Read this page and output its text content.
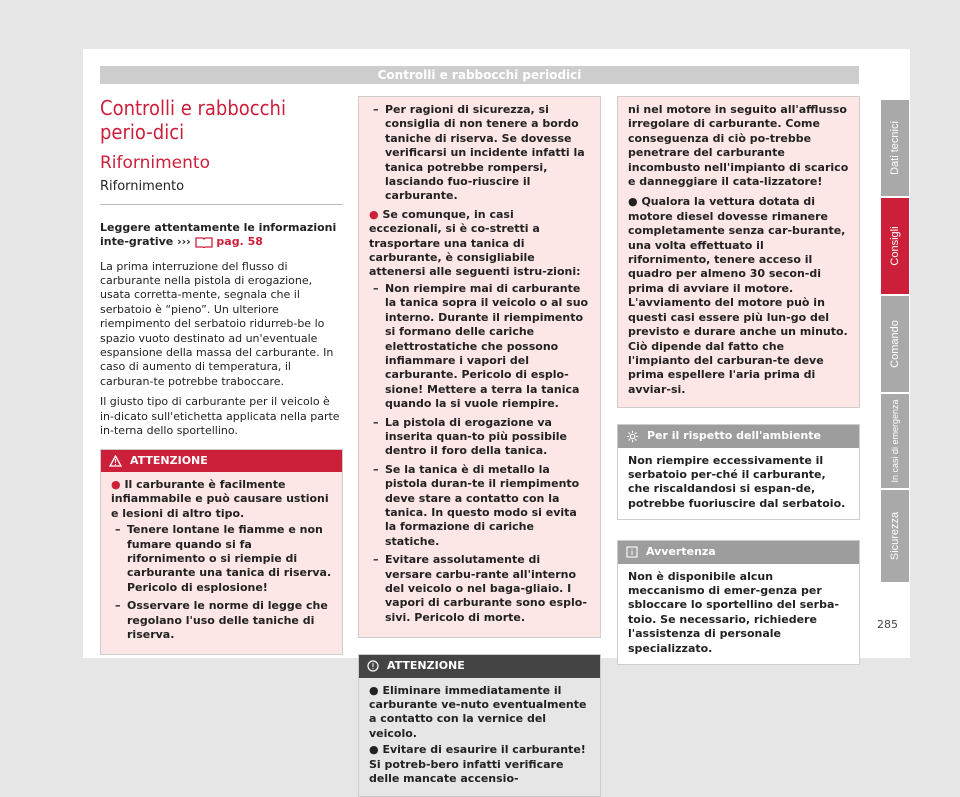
Controlli e rabbocchi periodici
Controlli e rabbocchi perio-dici
Rifornimento
Rifornimento

Leggere attentamente le informazioni inte-grative ››› pag. 58

La prima interruzione del flusso di carburante nella pistola di erogazione, usata corretta-mente, segnala che il serbatoio è “pieno”. Un ulteriore riempimento del serbatoio ridurreb-be lo spazio vuoto destinato ad un'eventuale espansione della massa del carburante. In caso di aumento di temperatura, il carburan-te potrebbe traboccare.

Il giusto tipo di carburante per il veicolo è in-dicato sull'etichetta applicata nella parte in-terna dello sportellino.

ATTENZIONE

● Il carburante è facilmente infiammabile e può causare ustioni e lesioni di altro tipo.

– Tenere lontane le fiamme e non fumare quando si fa rifornimento o si riempie di carburante una tanica di riserva. Pericolo di esplosione!

– Osservare le norme di legge che regolano l'uso delle taniche di riserva.

– Per ragioni di sicurezza, si consiglia di non tenere a bordo taniche di riserva. Se dovesse verificarsi un incidente infatti la tanica potrebbe rompersi, lasciando fuo-riuscire il carburante.

● Se comunque, in casi eccezionali, si è co-stretti a trasportare una tanica di carburante, è consigliabile attenersi alle seguenti istru-zioni:

– Non riempire mai di carburante la tanica sopra il veicolo o al suo interno. Durante il riempimento si formano delle cariche elettrostatiche che possono infiammare i vapori del carburante. Pericolo di esplo-sione! Mettere a terra la tanica quando la si vuole riempire.

– La pistola di erogazione va inserita quan-to più possibile dentro il foro della tanica.

– Se la tanica è di metallo la pistola duran-te il riempimento deve stare a contatto con la tanica. In questo modo si evita la formazione di cariche statiche.

– Evitare assolutamente di versare carbu-rante all'interno del veicolo o nel baga-gliaio. I vapori di carburante sono esplo-sivi. Pericolo di morte.

ATTENZIONE

● Eliminare immediatamente il carburante ve-nuto eventualmente a contatto con la vernice del veicolo.

● Evitare di esaurire il carburante! Si potreb-bero infatti verificare delle mancate accensio-

ni nel motore in seguito all'afflusso irregolare di carburante. Come conseguenza di ciò po-trebbe penetrare del carburante incombusto nell'impianto di scarico e danneggiare il cata-lizzatore!

● Qualora la vettura dotata di motore diesel dovesse rimanere completamente senza car-burante, una volta effettuato il rifornimento, tenere acceso il quadro per almeno 30 secon-di prima di avviare il motore. L'avviamento del motore può in questi casi essere più lun-go del previsto e durare anche un minuto. Ciò dipende dal fatto che l'impianto del carburan-te deve prima espellere l'aria prima di avviar-si.

Per il rispetto dell'ambiente
Non riempire eccessivamente il serbatoio per-ché il carburante, che riscaldandosi si espan-de, potrebbe fuoriuscire dal serbatoio.
Avvertenza
Non è disponibile alcun meccanismo di emer-genza per sbloccare lo sportellino del serba-toio. Se necessario, richiedere l'assistenza di personale specializzato.
Dati tecnici
Consigli
Comando
In casi di emergenza
Sicurezza
285
